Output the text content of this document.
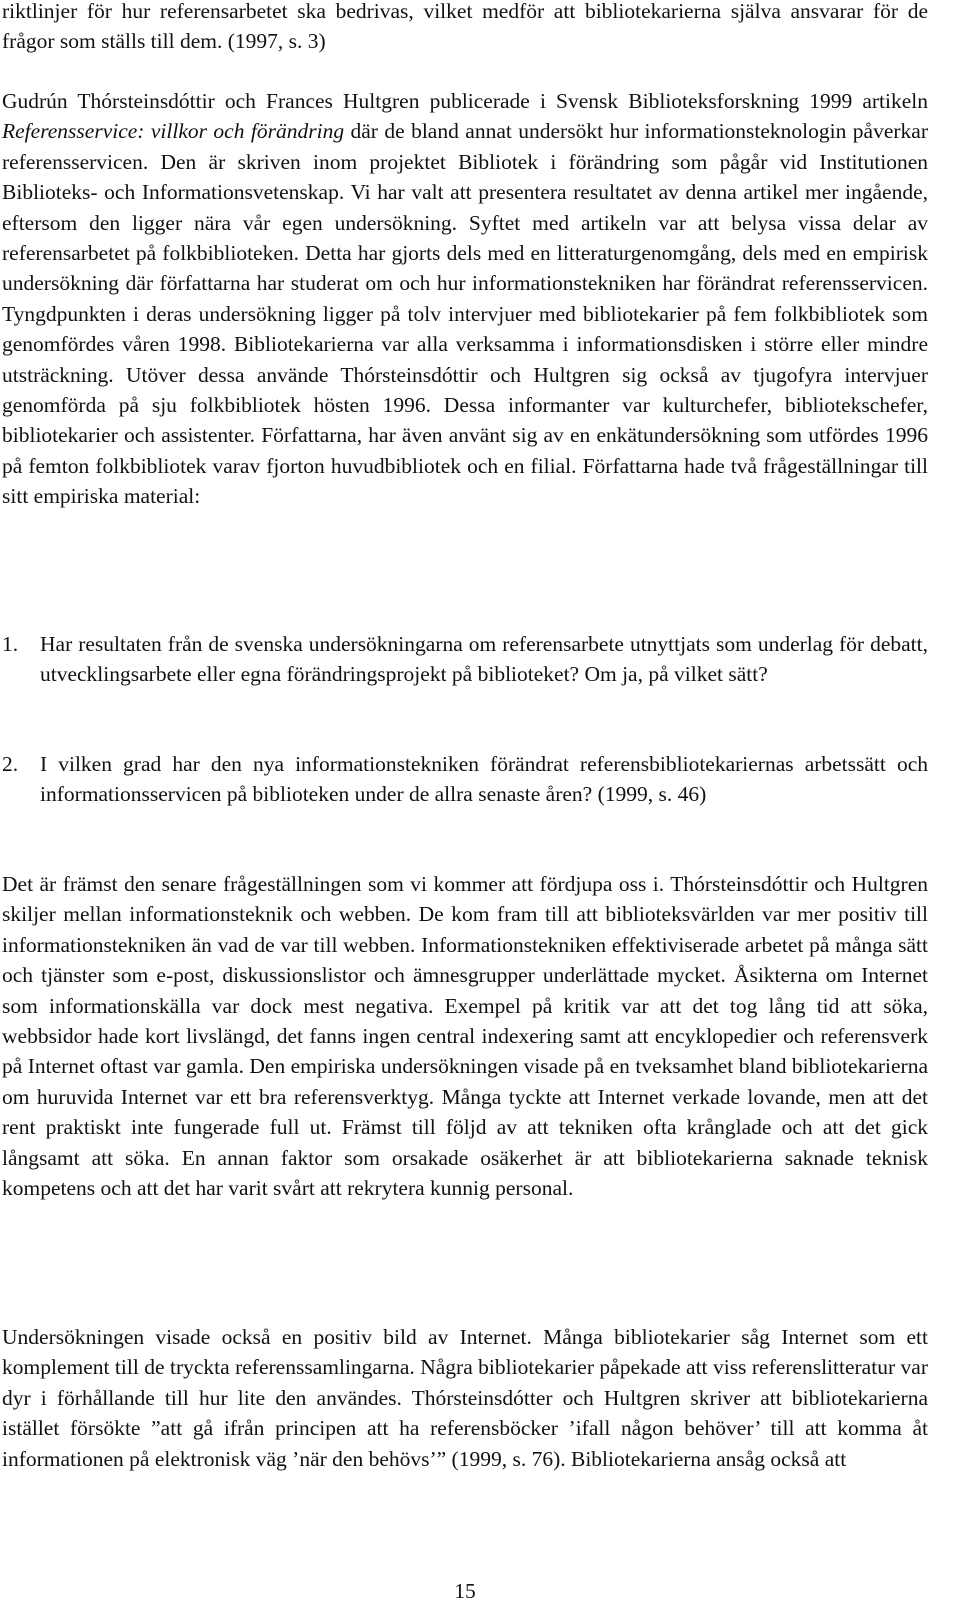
riktlinjer för hur referensarbetet ska bedrivas, vilket medför att bibliotekarierna själva ansvarar för de frågor som ställs till dem. (1997, s. 3)

Gudrún Thórsteinsdóttir och Frances Hultgren publicerade i Svensk Biblioteksforskning 1999 artikeln Referensservice: villkor och förändring där de bland annat undersökt hur informationsteknologin påverkar referensservicen. Den är skriven inom projektet Bibliotek i förändring som pågår vid Institutionen Biblioteks- och Informationsvetenskap. Vi har valt att presentera resultatet av denna artikel mer ingående, eftersom den ligger nära vår egen undersökning. Syftet med artikeln var att belysa vissa delar av referensarbetet på folkbiblioteken. Detta har gjorts dels med en litteraturgenomgång, dels med en empirisk undersökning där författarna har studerat om och hur informationstekniken har förändrat referensservicen. Tyngdpunkten i deras undersökning ligger på tolv intervjuer med bibliotekarier på fem folkbibliotek som genomfördes våren 1998. Bibliotekarierna var alla verksamma i informationsdisken i större eller mindre utsträckning. Utöver dessa använde Thórsteinsdóttir och Hultgren sig också av tjugofyra intervjuer genomförda på sju folkbibliotek hösten 1996. Dessa informanter var kulturchefer, bibliotekschefer, bibliotekarier och assistenter. Författarna, har även använt sig av en enkätundersökning som utfördes 1996 på femton folkbibliotek varav fjorton huvudbibliotek och en filial. Författarna hade två frågeställningar till sitt empiriska material:

1. Har resultaten från de svenska undersökningarna om referensarbete utnyttjats som underlag för debatt, utvecklingsarbete eller egna förändringsprojekt på biblioteket? Om ja, på vilket sätt?
2. I vilken grad har den nya informationstekniken förändrat referensbibliotekariernas arbetssätt och informationsservicen på biblioteken under de allra senaste åren? (1999, s. 46)

Det är främst den senare frågeställningen som vi kommer att fördjupa oss i. Thórsteinsdóttir och Hultgren skiljer mellan informationsteknik och webben. De kom fram till att biblioteksvärlden var mer positiv till informationstekniken än vad de var till webben. Informationstekniken effektiviserade arbetet på många sätt och tjänster som e-post, diskussionslistor och ämnesgrupper underlättade mycket. Åsikterna om Internet som informationskälla var dock mest negativa. Exempel på kritik var att det tog lång tid att söka, webbsidor hade kort livslängd, det fanns ingen central indexering samt att encyklopedier och referensverk på Internet oftast var gamla. Den empiriska undersökningen visade på en tveksamhet bland bibliotekarierna om huruvida Internet var ett bra referensverktyg. Många tyckte att Internet verkade lovande, men att det rent praktiskt inte fungerade full ut. Främst till följd av att tekniken ofta krånglade och att det gick långsamt att söka. En annan faktor som orsakade osäkerhet är att bibliotekarierna saknade teknisk kompetens och att det har varit svårt att rekrytera kunnig personal.

Undersökningen visade också en positiv bild av Internet. Många bibliotekarier såg Internet som ett komplement till de tryckta referenssamlingarna. Några bibliotekarier påpekade att viss referenslitteratur var dyr i förhållande till hur lite den användes. Thórsteinsdótter och Hultgren skriver att bibliotekarierna istället försökte ”att gå ifrån principen att ha referensböcker ’ifall någon behöver’ till att komma åt informationen på elektronisk väg ’när den behövs’” (1999, s. 76). Bibliotekarierna ansåg också att

15
